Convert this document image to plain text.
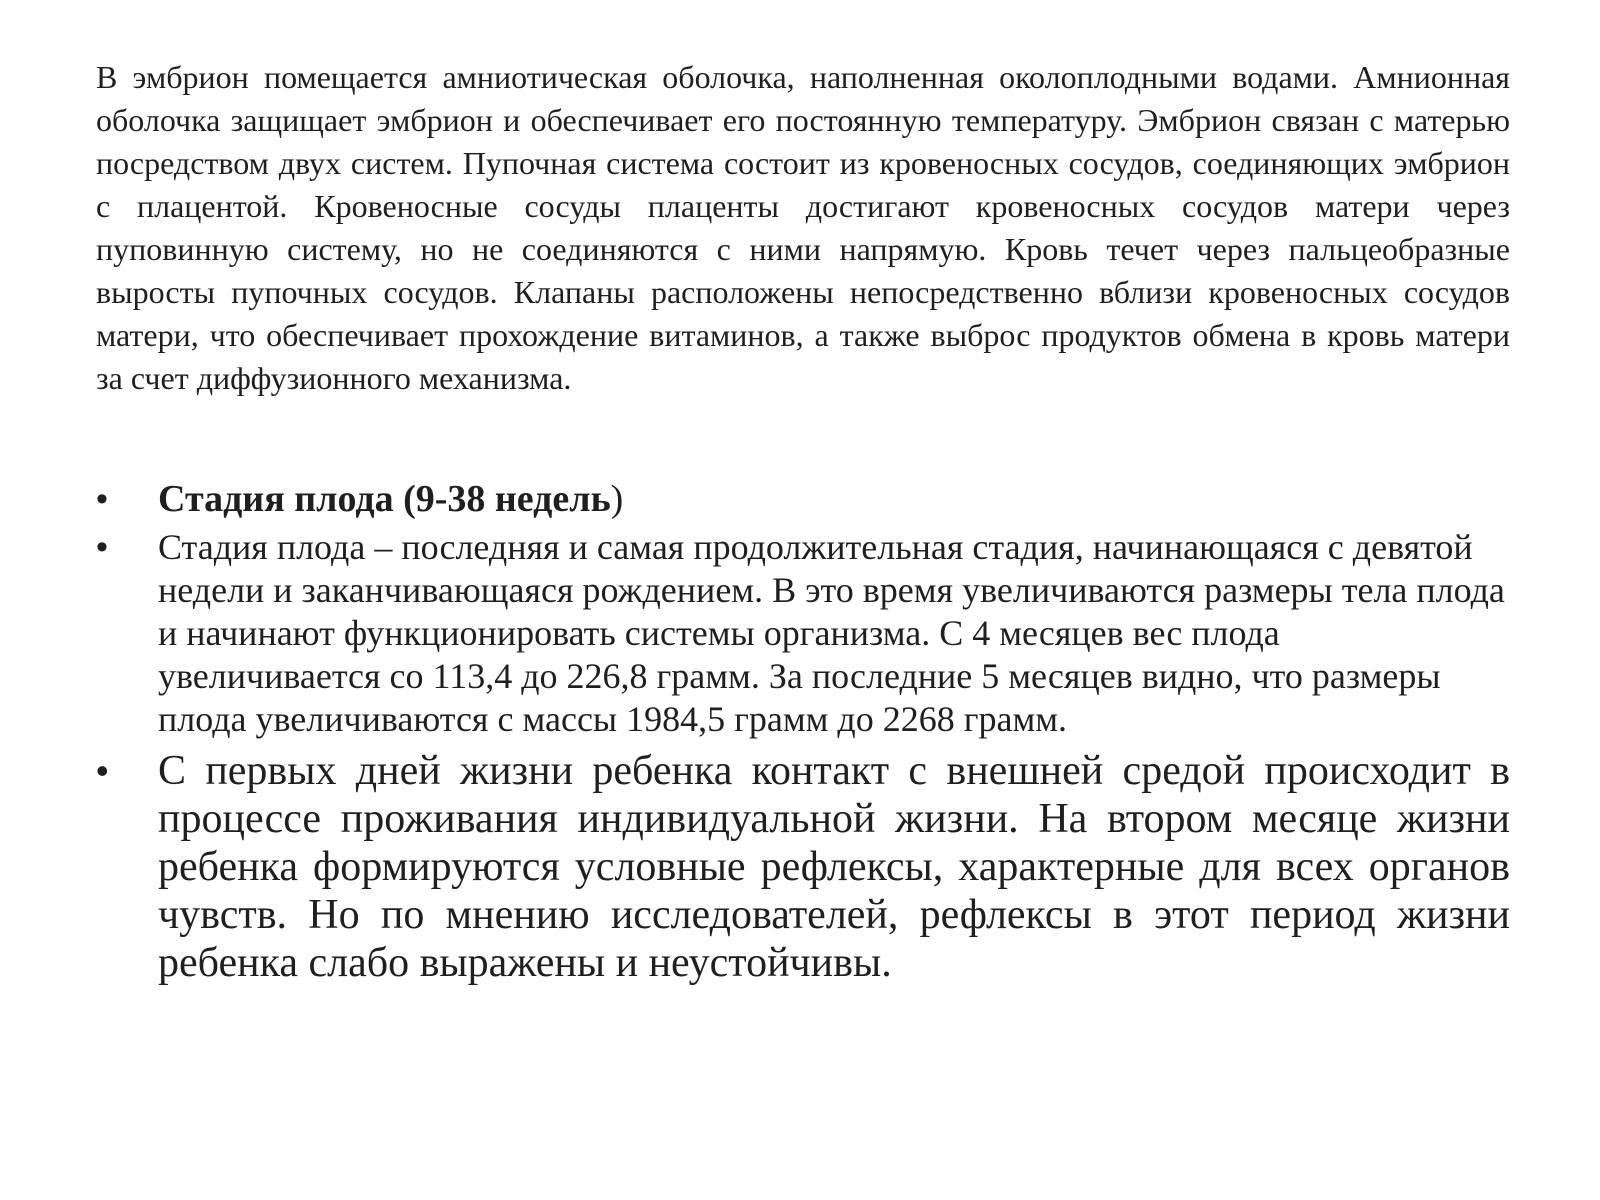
В эмбрион помещается амниотическая оболочка, наполненная околоплодными водами. Амнионная оболочка защищает эмбрион и обеспечивает его постоянную температуру. Эмбрион связан с матерью посредством двух систем. Пупочная система состоит из кровеносных сосудов, соединяющих эмбрион с плацентой. Кровеносные сосуды плаценты достигают кровеносных сосудов матери через пуповинную систему, но не соединяются с ними напрямую. Кровь течет через пальцеобразные выросты пупочных сосудов. Клапаны расположены непосредственно вблизи кровеносных сосудов матери, что обеспечивает прохождение витаминов, а также выброс продуктов обмена в кровь матери за счет диффузионного механизма.

• Стадия плода (9-38 недель)
• Стадия плода – последняя и самая продолжительная стадия, начинающаяся с девятой недели и заканчивающаяся рождением. В это время увеличиваются размеры тела плода и начинают функционировать системы организма. С 4 месяцев вес плода увеличивается со 113,4 до 226,8 грамм. За последние 5 месяцев видно, что размеры плода увеличиваются с массы 1984,5 грамм до 2268 грамм.
• С первых дней жизни ребенка контакт с внешней средой происходит в процессе проживания индивидуальной жизни. На втором месяце жизни ребенка формируются условные рефлексы, характерные для всех органов чувств. Но по мнению исследователей, рефлексы в этот период жизни ребенка слабо выражены и неустойчивы.
